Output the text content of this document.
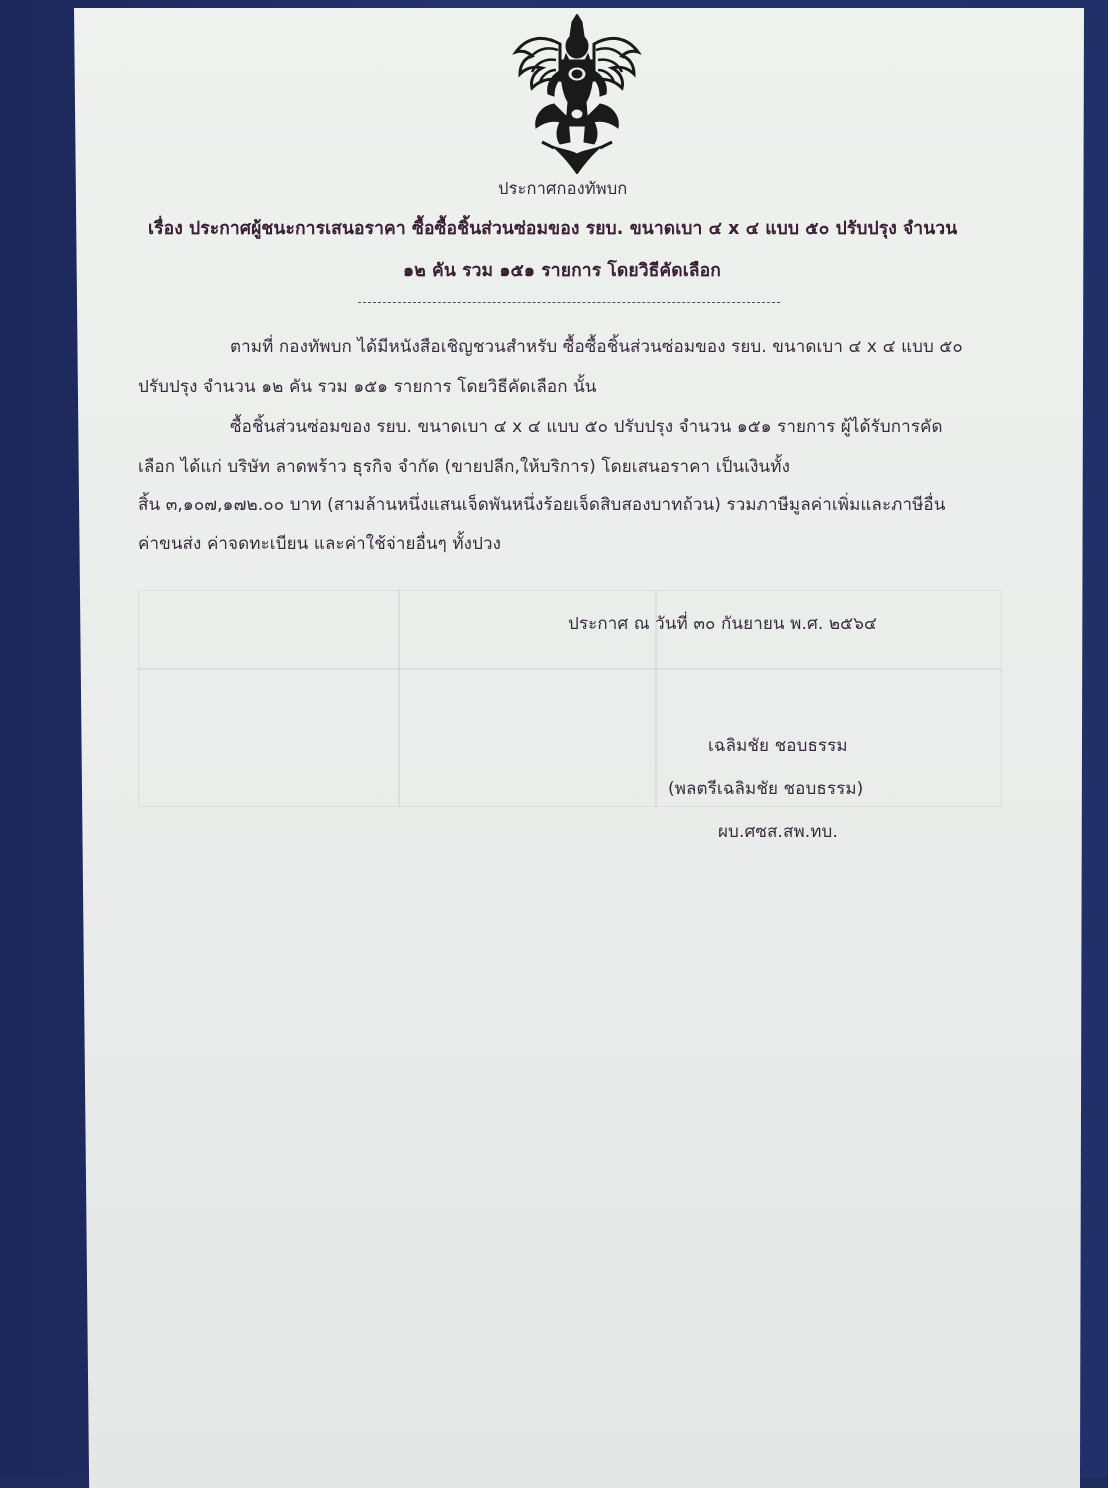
ประกาศกองทัพบก
เรื่อง ประกาศผู้ชนะการเสนอราคา ซื้อซื้อชิ้นส่วนซ่อมของ รยบ. ขนาดเบา ๔ x ๔ แบบ ๕๐ ปรับปรุง จำนวน
๑๒ คัน รวม ๑๕๑ รายการ โดยวิธีคัดเลือก
ตามที่ กองทัพบก ได้มีหนังสือเชิญชวนสำหรับ ซื้อซื้อชิ้นส่วนซ่อมของ รยบ. ขนาดเบา ๔ x ๔ แบบ ๕๐
ปรับปรุง จำนวน ๑๒ คัน รวม ๑๕๑ รายการ โดยวิธีคัดเลือก นั้น
ซื้อชิ้นส่วนซ่อมของ รยบ. ขนาดเบา ๔ x ๔ แบบ ๕๐ ปรับปรุง จำนวน ๑๕๑ รายการ ผู้ได้รับการคัด
เลือก ได้แก่ บริษัท ลาดพร้าว ธุรกิจ จำกัด (ขายปลีก,ให้บริการ) โดยเสนอราคา เป็นเงินทั้ง
สิ้น ๓,๑๐๗,๑๗๒.๐๐ บาท (สามล้านหนึ่งแสนเจ็ดพันหนึ่งร้อยเจ็ดสิบสองบาทถ้วน) รวมภาษีมูลค่าเพิ่มและภาษีอื่น
ค่าขนส่ง ค่าจดทะเบียน และค่าใช้จ่ายอื่นๆ ทั้งปวง
ประกาศ ณ วันที่ ๓๐ กันยายน พ.ศ. ๒๕๖๔
เฉลิมชัย ชอบธรรม
(พลตรีเฉลิมชัย ชอบธรรม)
ผบ.ศซส.สพ.ทบ.
